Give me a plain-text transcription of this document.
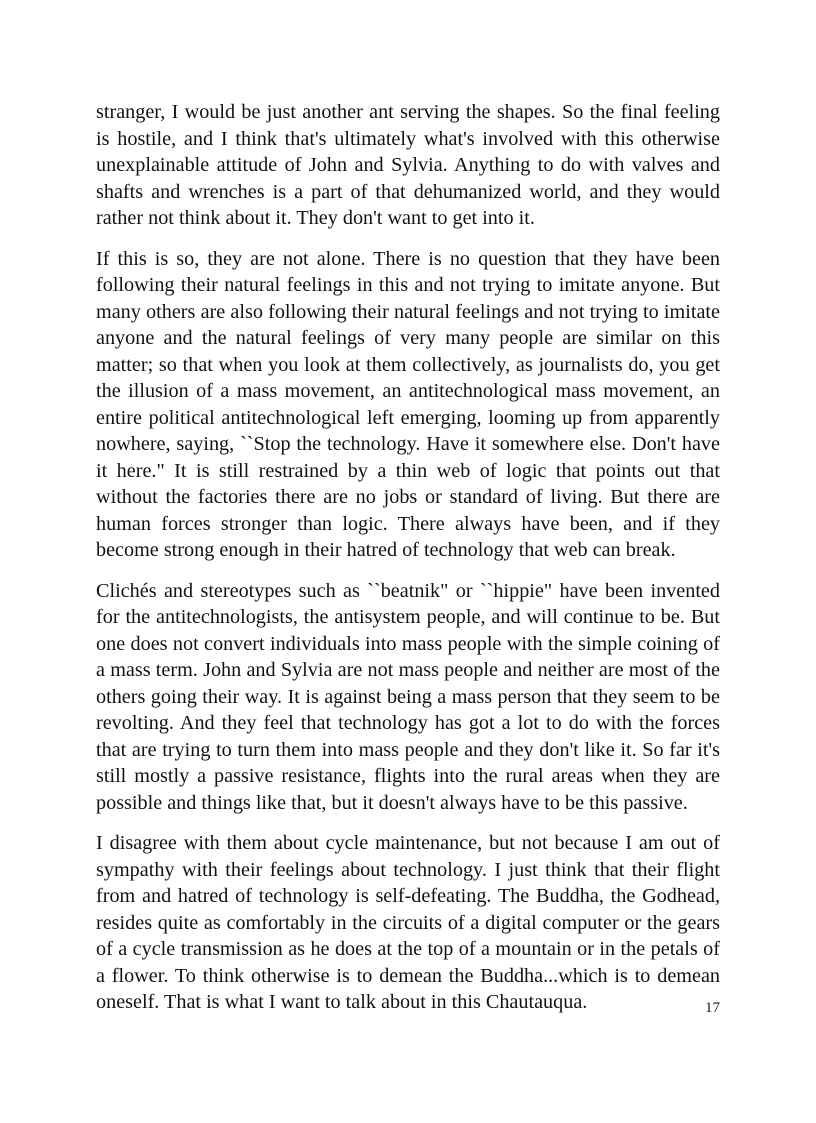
stranger, I would be just another ant serving the shapes. So the final feeling is hostile, and I think that's ultimately what's involved with this otherwise unexplainable attitude of John and Sylvia. Anything to do with valves and shafts and wrenches is a part of that dehumanized world, and they would rather not think about it. They don't want to get into it.

If this is so, they are not alone. There is no question that they have been following their natural feelings in this and not trying to imitate anyone. But many others are also following their natural feelings and not trying to imitate anyone and the natural feelings of very many people are similar on this matter; so that when you look at them collectively, as journalists do, you get the illusion of a mass movement, an antitechnological mass movement, an entire political antitechnological left emerging, looming up from apparently nowhere, saying, ``Stop the technology. Have it somewhere else. Don't have it here." It is still restrained by a thin web of logic that points out that without the factories there are no jobs or standard of living. But there are human forces stronger than logic. There always have been, and if they become strong enough in their hatred of technology that web can break.

Clichés and stereotypes such as ``beatnik" or ``hippie" have been invented for the antitechnologists, the antisystem people, and will continue to be. But one does not convert individuals into mass people with the simple coining of a mass term. John and Sylvia are not mass people and neither are most of the others going their way. It is against being a mass person that they seem to be revolting. And they feel that technology has got a lot to do with the forces that are trying to turn them into mass people and they don't like it. So far it's still mostly a passive resistance, flights into the rural areas when they are possible and things like that, but it doesn't always have to be this passive.

I disagree with them about cycle maintenance, but not because I am out of sympathy with their feelings about technology. I just think that their flight from and hatred of technology is self-defeating. The Buddha, the Godhead, resides quite as comfortably in the circuits of a digital computer or the gears of a cycle transmission as he does at the top of a mountain or in the petals of a flower. To think otherwise is to demean the Buddha...which is to demean oneself. That is what I want to talk about in this Chautauqua.	17
